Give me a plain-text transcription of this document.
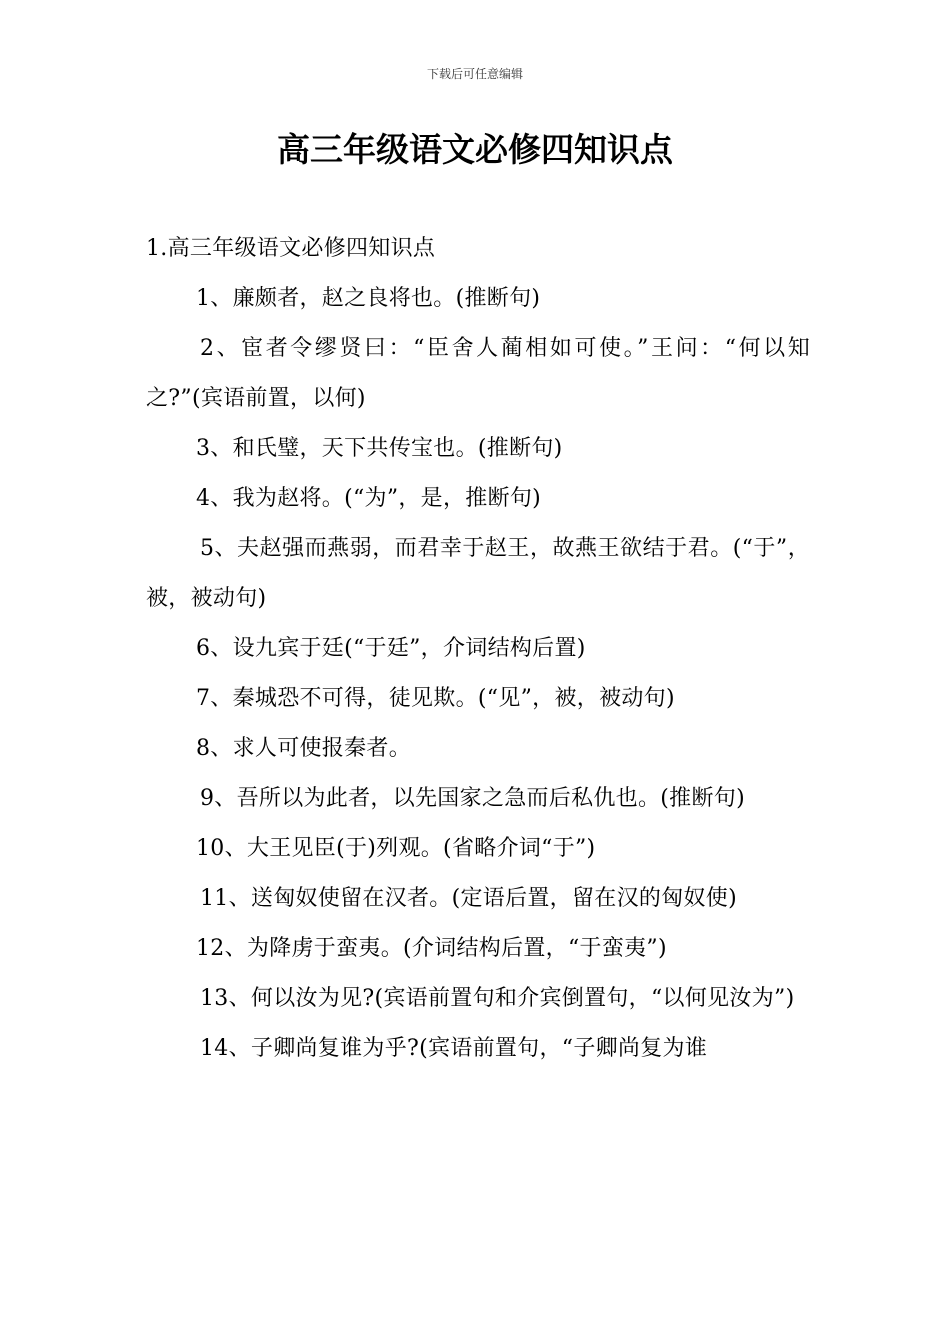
下载后可任意编辑
高三年级语文必修四知识点

1.高三年级语文必修四知识点

1、廉颇者，赵之良将也。(推断句)

2、宦者令缪贤曰：“臣舍人蔺相如可使。”王问：“何以知之?”(宾语前置，以何)

3、和氏璧，天下共传宝也。(推断句)

4、我为赵将。(“为”，是，推断句)

5、夫赵强而燕弱，而君幸于赵王，故燕王欲结于君。(“于”，被，被动句)

6、设九宾于廷(“于廷”，介词结构后置)

7、秦城恐不可得，徒见欺。(“见”，被，被动句)

8、求人可使报秦者。

9、吾所以为此者，以先国家之急而后私仇也。(推断句)

10、大王见臣(于)列观。(省略介词“于”)

11、送匈奴使留在汉者。(定语后置，留在汉的匈奴使)

12、为降虏于蛮夷。(介词结构后置，“于蛮夷”)

13、何以汝为见?(宾语前置句和介宾倒置句，“以何见汝为”)

14、子卿尚复谁为乎?(宾语前置句，“子卿尚复为谁
